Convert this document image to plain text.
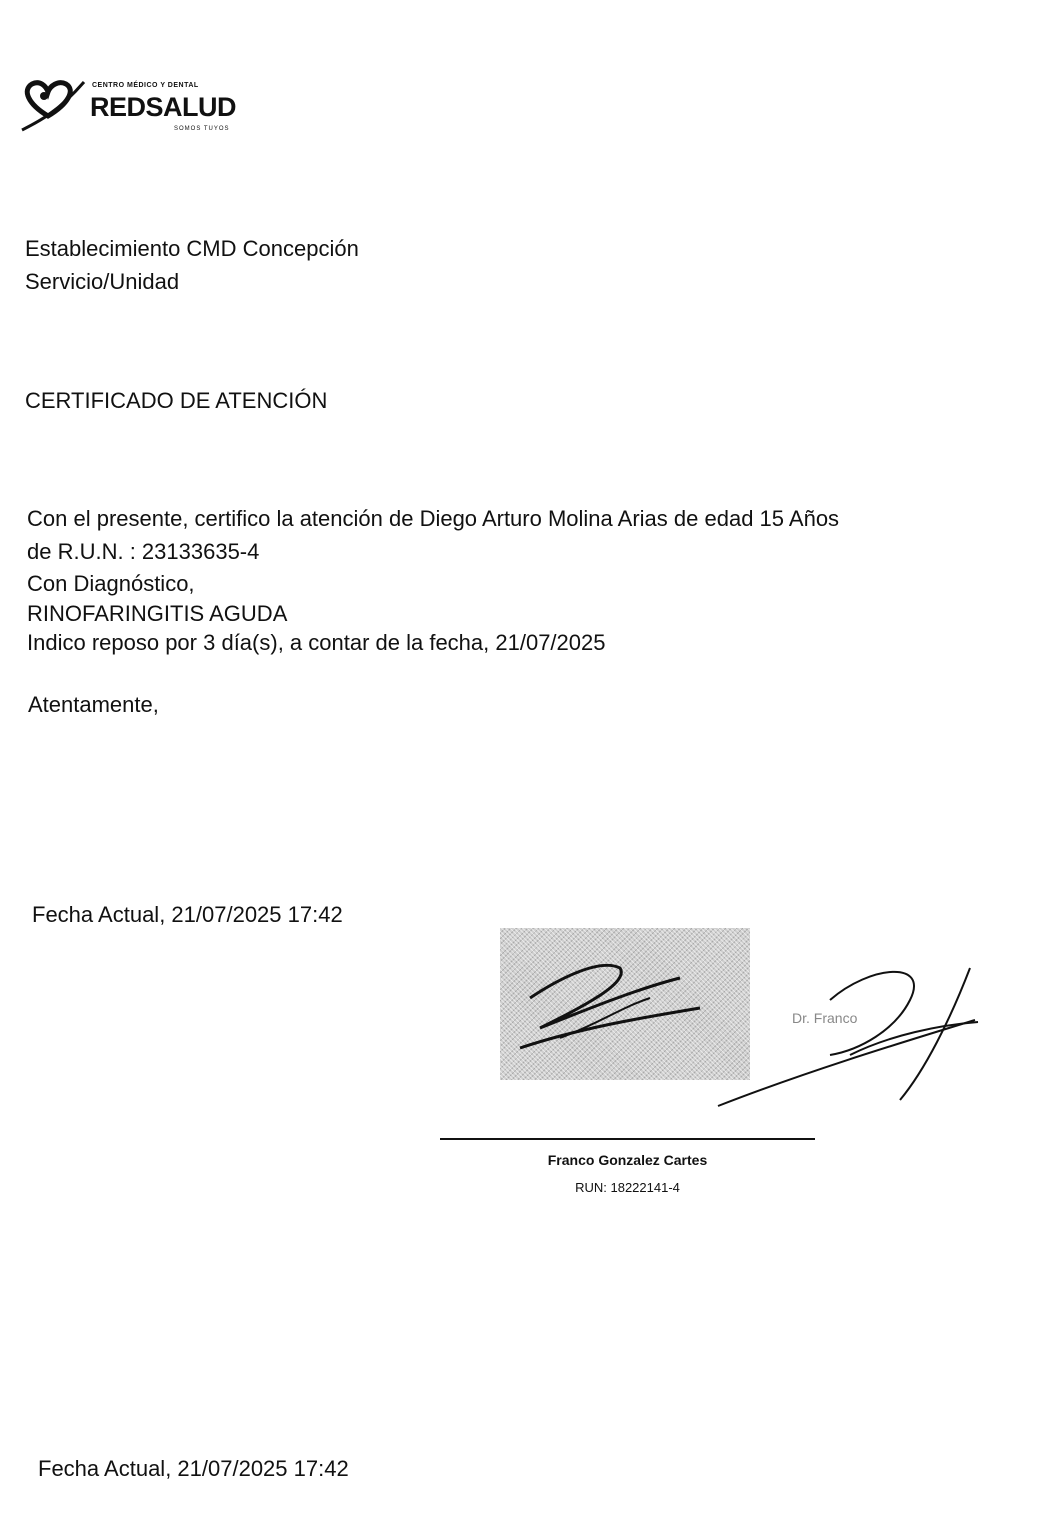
CENTRO MÉDICO Y DENTAL
REDSALUD
SOMOS TUYOS
Establecimiento CMD Concepción
Servicio/Unidad
CERTIFICADO DE ATENCIÓN
Con el presente, certifico la atención de Diego Arturo Molina Arias de edad 15 Años
de R.U.N. : 23133635-4
Con Diagnóstico,
RINOFARINGITIS AGUDA
Indico reposo por 3 día(s), a contar de la fecha, 21/07/2025
Atentamente,
Fecha Actual, 21/07/2025 17:42
Dr. Franco
Franco Gonzalez Cartes
RUN: 18222141-4
Fecha Actual, 21/07/2025 17:42
